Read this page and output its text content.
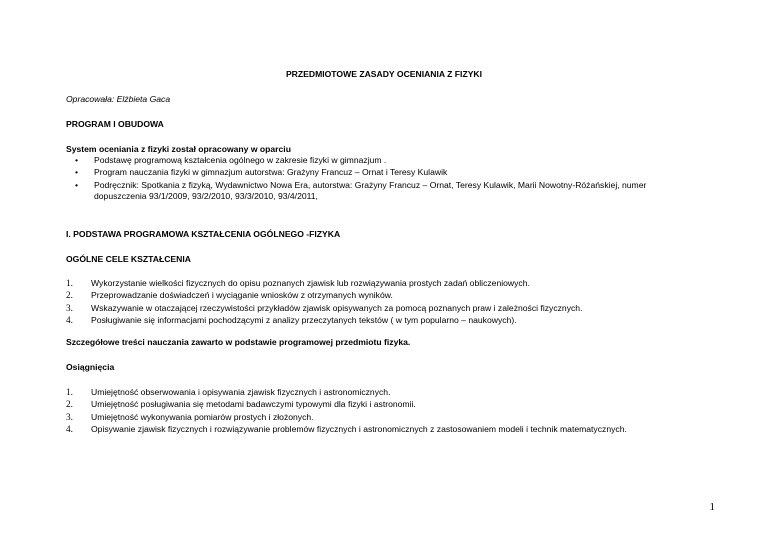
PRZEDMIOTOWE ZASADY OCENIANIA Z FIZYKI
Opracowała: Elżbieta Gaca
PROGRAM I OBUDOWA
System oceniania z fizyki został opracowany w oparciu
• Podstawę programową kształcenia ogólnego w zakresie fizyki w gimnazjum .
• Program nauczania fizyki w gimnazjum autorstwa: Grażyny Francuz – Ornat i Teresy Kulawik
• Podręcznik: Spotkania z fizyką, Wydawnictwo Nowa Era, autorstwa: Grażyny Francuz – Ornat, Teresy Kulawik, Marii Nowotny-Różańskiej, numer
dopuszczenia 93/1/2009, 93/2/2010, 93/3/2010, 93/4/2011,
I. PODSTAWA PROGRAMOWA KSZTAŁCENIA OGÓLNEGO -FIZYKA
OGÓLNE CELE KSZTAŁCENIA
1. Wykorzystanie wielkości fizycznych do opisu poznanych zjawisk lub rozwiązywania prostych zadań obliczeniowych.
2. Przeprowadzanie doświadczeń i wyciąganie wniosków z otrzymanych wyników.
3. Wskazywanie w otaczającej rzeczywistości przykładów zjawisk opisywanych za pomocą poznanych praw i zależności fizycznych.
4. Posługiwanie się informacjami pochodzącymi z analizy przeczytanych tekstów ( w tym popularno – naukowych).
Szczegółowe treści nauczania zawarto w podstawie programowej przedmiotu fizyka.
Osiągnięcia
1. Umiejętność obserwowania i opisywania zjawisk fizycznych i astronomicznych.
2. Umiejętność posługiwania się metodami badawczymi typowymi dla fizyki i astronomii.
3. Umiejętność wykonywania pomiarów prostych i złożonych.
4. Opisywanie zjawisk fizycznych i rozwiązywanie problemów fizycznych i astronomicznych z zastosowaniem modeli i technik matematycznych.
1
